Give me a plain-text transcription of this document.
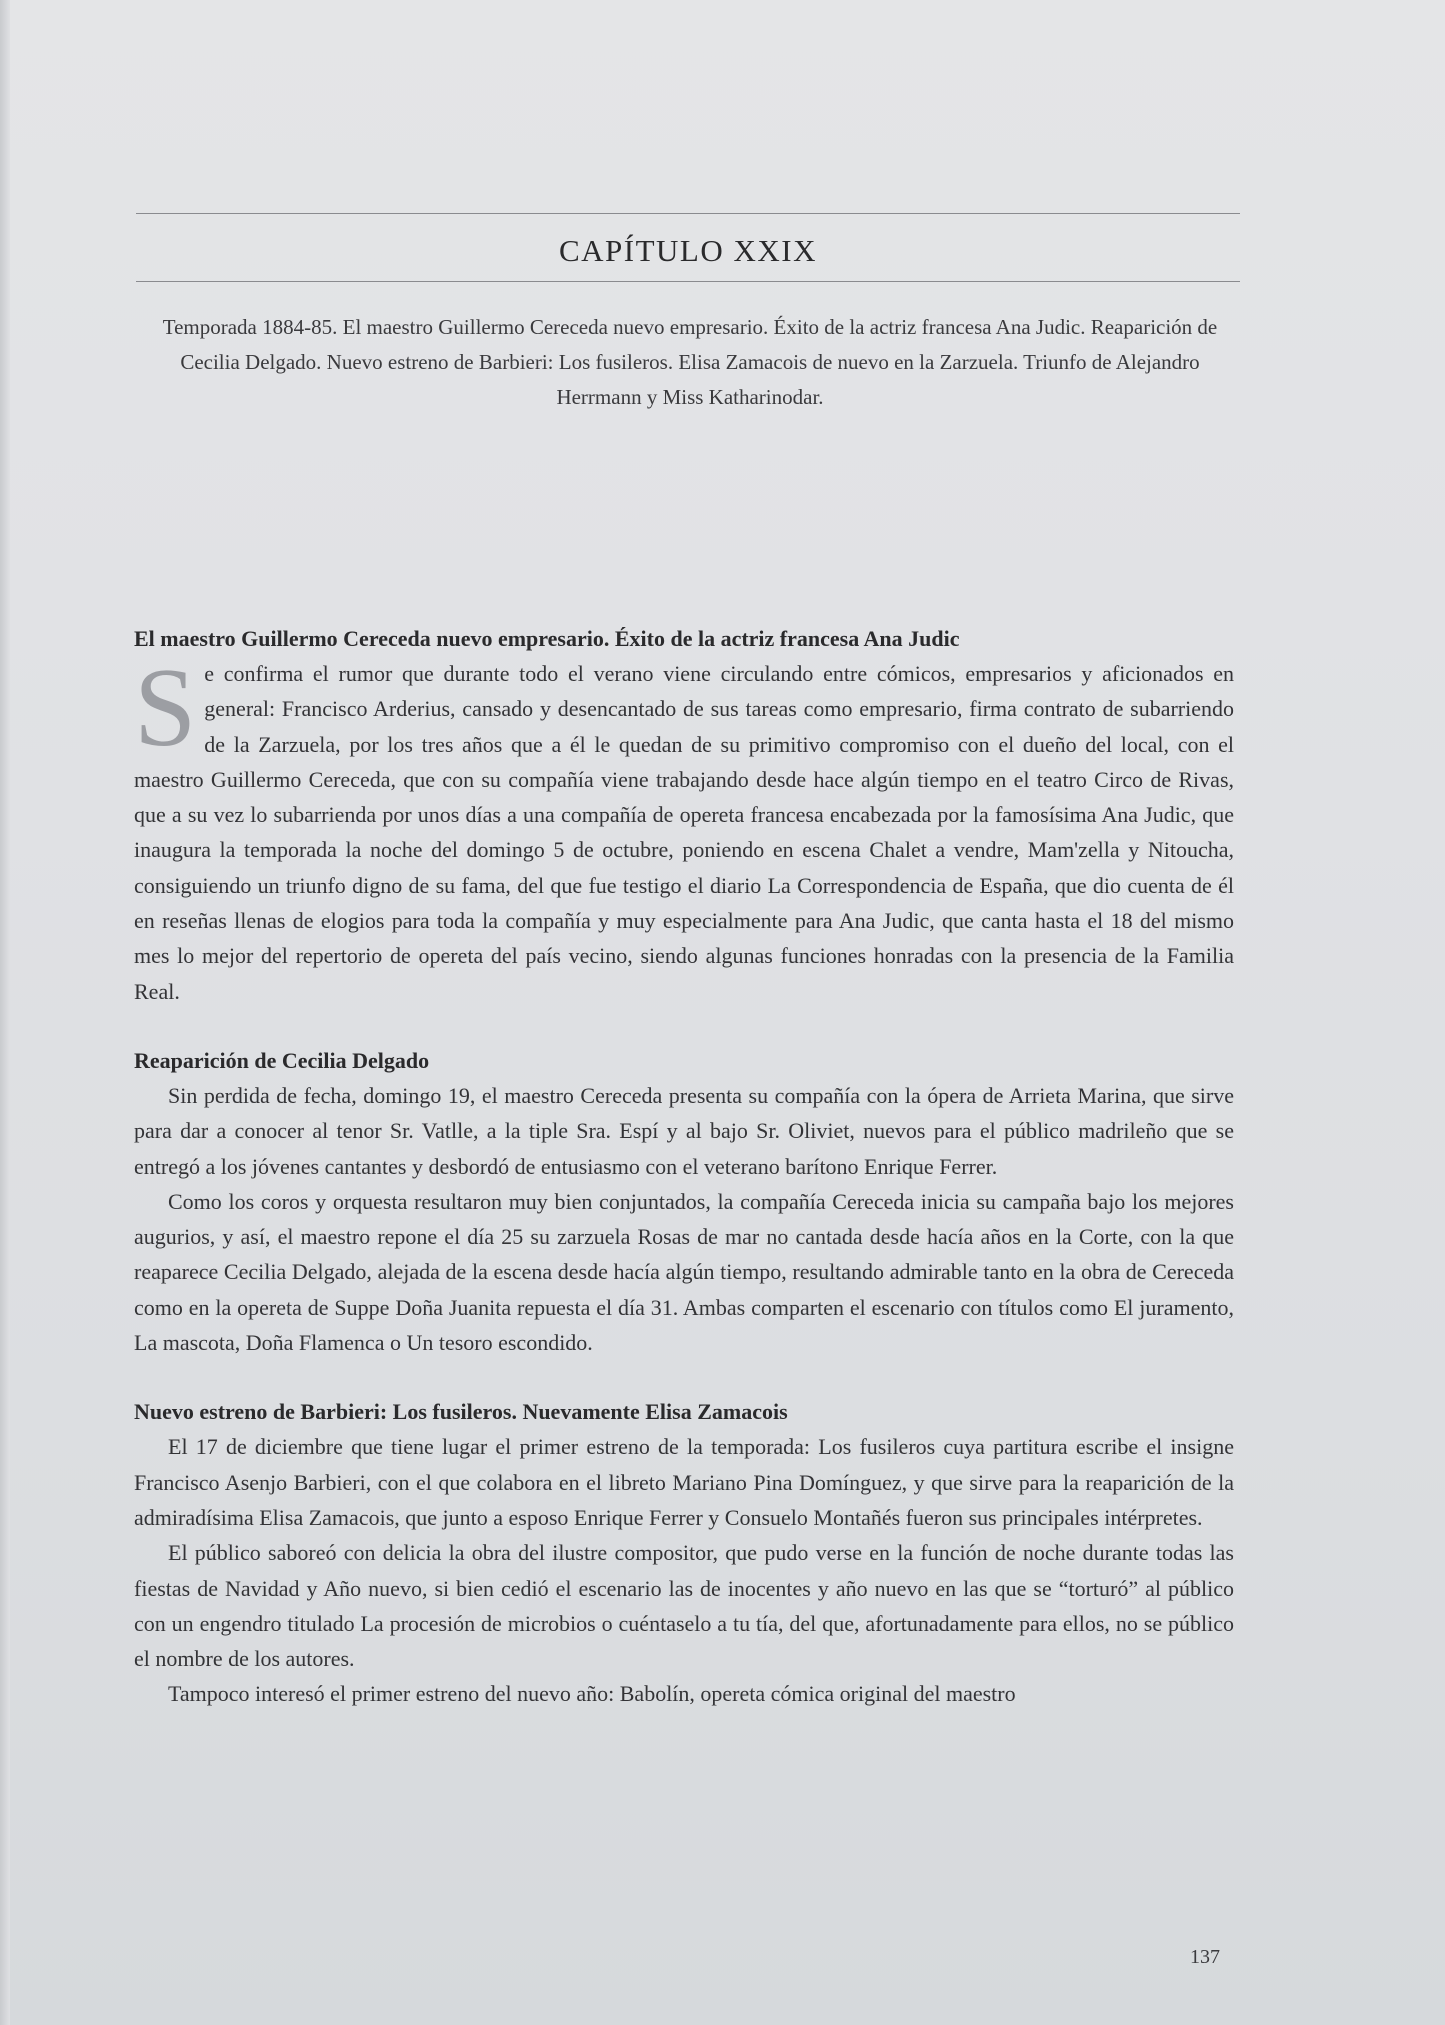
CAPÍTULO XXIX

Temporada 1884-85. El maestro Guillermo Cereceda nuevo empresario. Éxito de la actriz francesa Ana Judic. Reaparición de Cecilia Delgado. Nuevo estreno de Barbieri: Los fusileros. Elisa Zamacois de nuevo en la Zarzuela. Triunfo de Alejandro Herrmann y Miss Katharinodar.

El maestro Guillermo Cereceda nuevo empresario. Éxito de la actriz francesa Ana Judic

S e confirma el rumor que durante todo el verano viene circulando entre cómicos, empresarios y aficionados en general: Francisco Arderius, cansado y desencantado de sus tareas como empresario, firma contrato de subarriendo de la Zarzuela, por los tres años que a él le quedan de su primitivo compromiso con el dueño del local, con el maestro Guillermo Cereceda, que con su compañía viene trabajando desde hace algún tiempo en el teatro Circo de Rivas, que a su vez lo subarrienda por unos días a una compañía de opereta francesa encabezada por la famosísima Ana Judic, que inaugura la temporada la noche del domingo 5 de octubre, poniendo en escena Chalet a vendre, Mam'zella y Nitoucha, consiguiendo un triunfo digno de su fama, del que fue testigo el diario La Correspondencia de España, que dio cuenta de él en reseñas llenas de elogios para toda la compañía y muy especialmente para Ana Judic, que canta hasta el 18 del mismo mes lo mejor del repertorio de opereta del país vecino, siendo algunas funciones honradas con la presencia de la Familia Real.

Reaparición de Cecilia Delgado

Sin perdida de fecha, domingo 19, el maestro Cereceda presenta su compañía con la ópera de Arrieta Marina, que sirve para dar a conocer al tenor Sr. Vatlle, a la tiple Sra. Espí y al bajo Sr. Oliviet, nuevos para el público madrileño que se entregó a los jóvenes cantantes y desbordó de entusiasmo con el veterano barítono Enrique Ferrer.

Como los coros y orquesta resultaron muy bien conjuntados, la compañía Cereceda inicia su campaña bajo los mejores augurios, y así, el maestro repone el día 25 su zarzuela Rosas de mar no cantada desde hacía años en la Corte, con la que reaparece Cecilia Delgado, alejada de la escena desde hacía algún tiempo, resultando admirable tanto en la obra de Cereceda como en la opereta de Suppe Doña Juanita repuesta el día 31. Ambas comparten el escenario con títulos como El juramento, La mascota, Doña Flamenca o Un tesoro escondido.

Nuevo estreno de Barbieri: Los fusileros. Nuevamente Elisa Zamacois

El 17 de diciembre que tiene lugar el primer estreno de la temporada: Los fusileros cuya partitura escribe el insigne Francisco Asenjo Barbieri, con el que colabora en el libreto Mariano Pina Domínguez, y que sirve para la reaparición de la admiradísima Elisa Zamacois, que junto a esposo Enrique Ferrer y Consuelo Montañés fueron sus principales intérpretes.

El público saboreó con delicia la obra del ilustre compositor, que pudo verse en la función de noche durante todas las fiestas de Navidad y Año nuevo, si bien cedió el escenario las de inocentes y año nuevo en las que se “torturó” al público con un engendro titulado La procesión de microbios o cuéntaselo a tu tía, del que, afortunadamente para ellos, no se público el nombre de los autores.

Tampoco interesó el primer estreno del nuevo año: Babolín, opereta cómica original del maestro

137
